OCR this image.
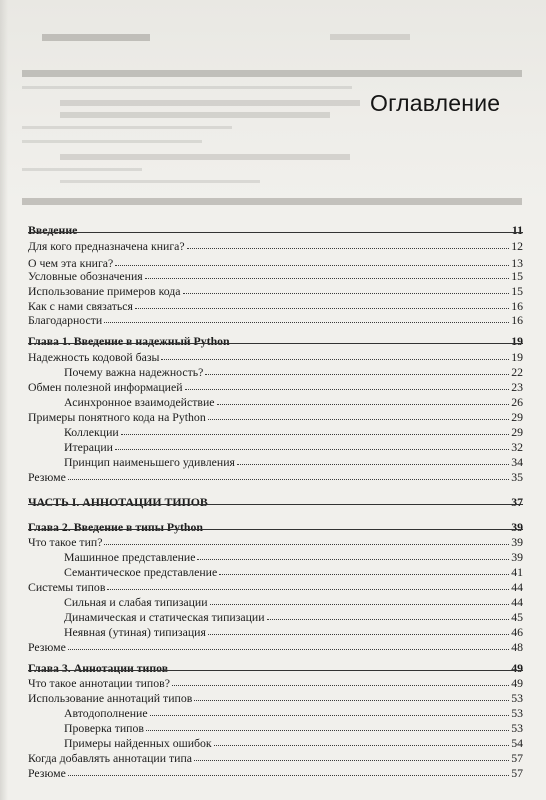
Оглавление
Введение	11
Для кого предназначена книга?	12
О чем эта книга?	13
Условные обозначения	15
Использование примеров кода	15
Как с нами связаться	16
Благодарности	16
Глава 1. Введение в надежный Python	19
Надежность кодовой базы	19
Почему важна надежность?	22
Обмен полезной информацией	23
Асинхронное взаимодействие	26
Примеры понятного кода на Python	29
Коллекции	29
Итерации	32
Принцип наименьшего удивления	34
Резюме	35
ЧАСТЬ I. АННОТАЦИИ ТИПОВ	37
Глава 2. Введение в типы Python	39
Что такое тип?	39
Машинное представление	39
Семантическое представление	41
Системы типов	44
Сильная и слабая типизации	44
Динамическая и статическая типизации	45
Неявная (утиная) типизация	46
Резюме	48
Глава 3. Аннотации типов	49
Что такое аннотации типов?	49
Использование аннотаций типов	53
Автодополнение	53
Проверка типов	53
Примеры найденных ошибок	54
Когда добавлять аннотации типа	57
Резюме	57
